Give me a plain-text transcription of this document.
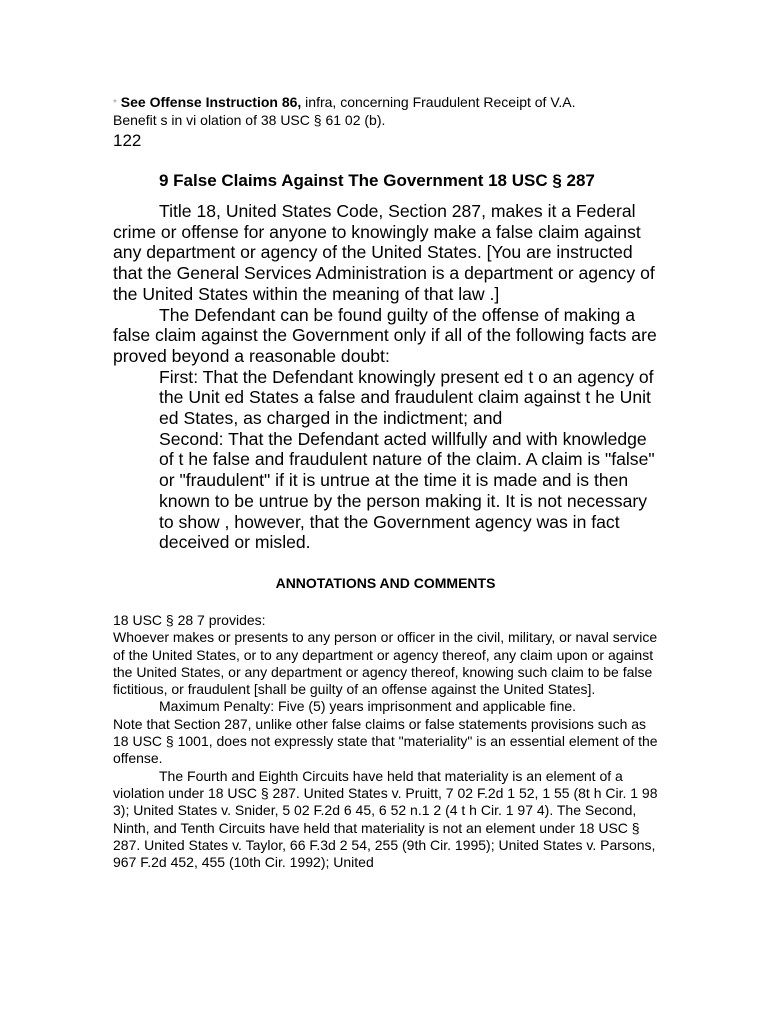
* See Offense Instruction 86, infra, concerning Fraudulent Receipt of V.A.
Benefit s in vi olation of 38 USC § 61 02 (b).

122

9 False Claims Against The Government 18 USC § 287

Title 18, United States Code, Section 287, makes it a Federal crime or offense for anyone to knowingly make a false claim against any department or agency of the United States. [You are instructed that the General Services Administration is a department or agency of the United States within the meaning of that law .]

The Defendant can be found guilty of the offense of making a false claim against the Government only if all of the following facts are proved beyond a reasonable doubt:

First: That the Defendant knowingly present ed t o an agency of the Unit ed States a false and fraudulent claim against t he Unit ed States, as charged in the indictment; and

Second: That the Defendant acted willfully and with knowledge of t he false and fraudulent nature of the claim. A claim is "false" or "fraudulent" if it is untrue at the time it is made and is then known to be untrue by the person making it. It is not necessary to show , however, that the Government agency was in fact deceived or misled.

ANNOTATIONS AND COMMENTS

18 USC § 28 7 provides:

Whoever makes or presents to any person or officer in the civil, military, or naval service of the United States, or to any department or agency thereof, any claim upon or against the United States, or any department or agency thereof, knowing such claim to be false fictitious, or fraudulent [shall be guilty of an offense against the United States].

Maximum Penalty: Five (5) years imprisonment and applicable fine.

Note that Section 287, unlike other false claims or false statements provisions such as 18 USC § 1001, does not expressly state that "materiality" is an essential element of the offense.

The Fourth and Eighth Circuits have held that materiality is an element of a violation under 18 USC § 287. United States v. Pruitt, 7 02 F.2d 1 52, 1 55 (8t h Cir. 1 98 3); United States v. Snider, 5 02 F.2d 6 45, 6 52 n.1 2 (4 t h Cir. 1 97 4). The Second, Ninth, and Tenth Circuits have held that materiality is not an element under 18 USC § 287. United States v. Taylor, 66 F.3d 2 54, 255 (9th Cir. 1995); United States v. Parsons, 967 F.2d 452, 455 (10th Cir. 1992); United
